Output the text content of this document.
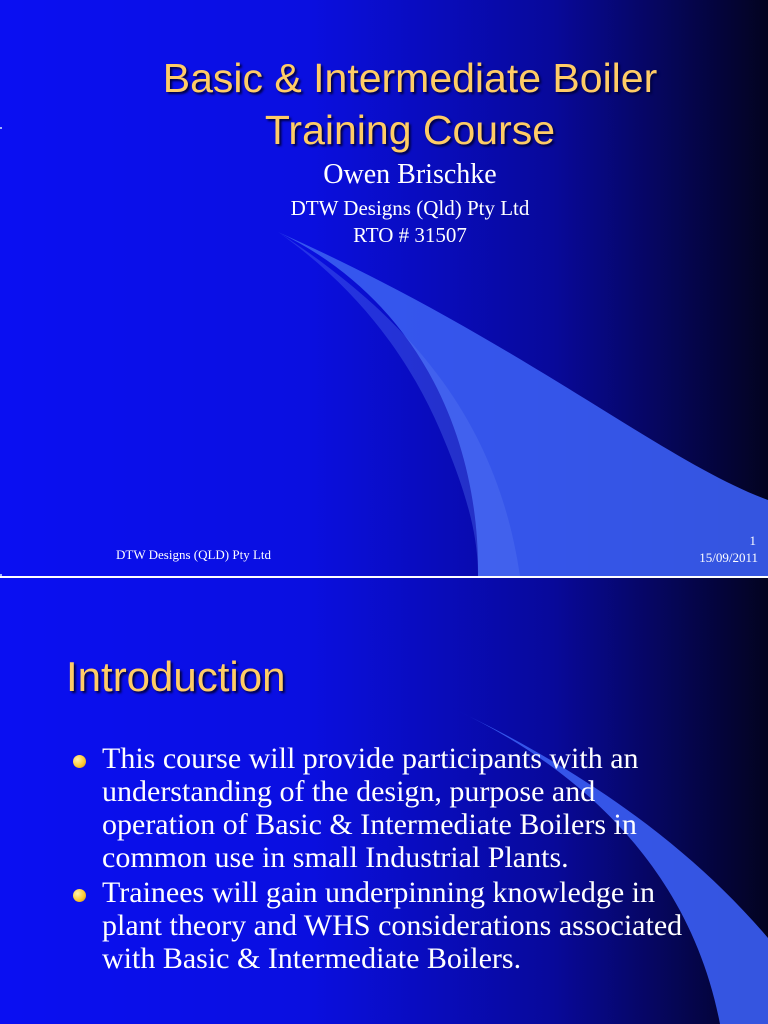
Basic & Intermediate Boiler
Training Course
Owen Brischke
DTW Designs (Qld) Pty Ltd
RTO # 31507
DTW Designs (QLD) Pty Ltd
1
15/09/2011
Introduction
This course will provide participants with an understanding of the design, purpose and operation of Basic & Intermediate Boilers in common use in small Industrial Plants.
Trainees will gain underpinning knowledge in plant theory and WHS considerations associated with Basic & Intermediate Boilers.
